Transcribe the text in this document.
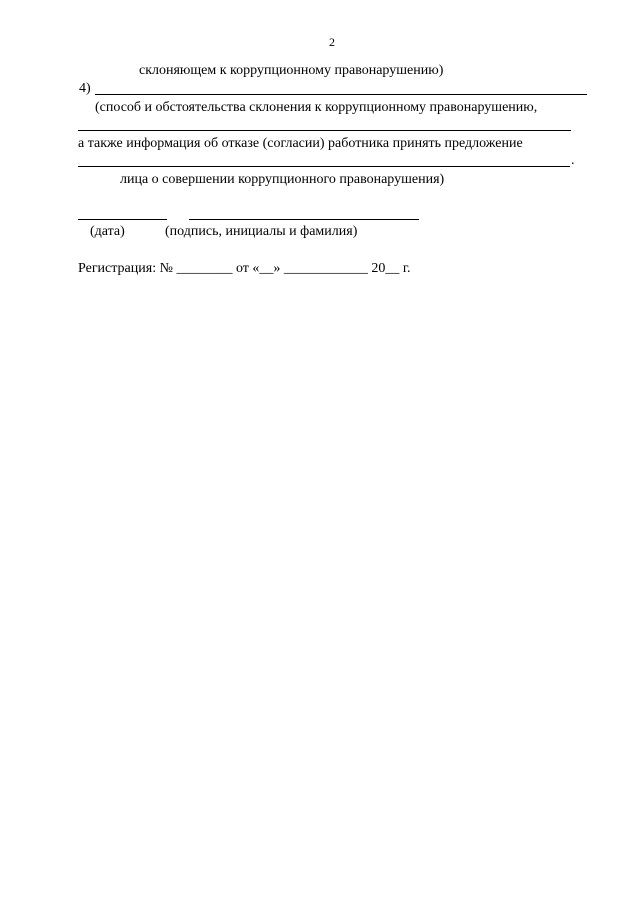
2
склоняющем к коррупционному правонарушению)
4)
(способ и обстоятельства склонения к коррупционному правонарушению,
а также информация об отказе (согласии) работника принять предложение
.
лица о совершении коррупционного правонарушения)
(дата)	(подпись, инициалы и фамилия)
Регистрация: № ________ от «__» ____________ 20__ г.
